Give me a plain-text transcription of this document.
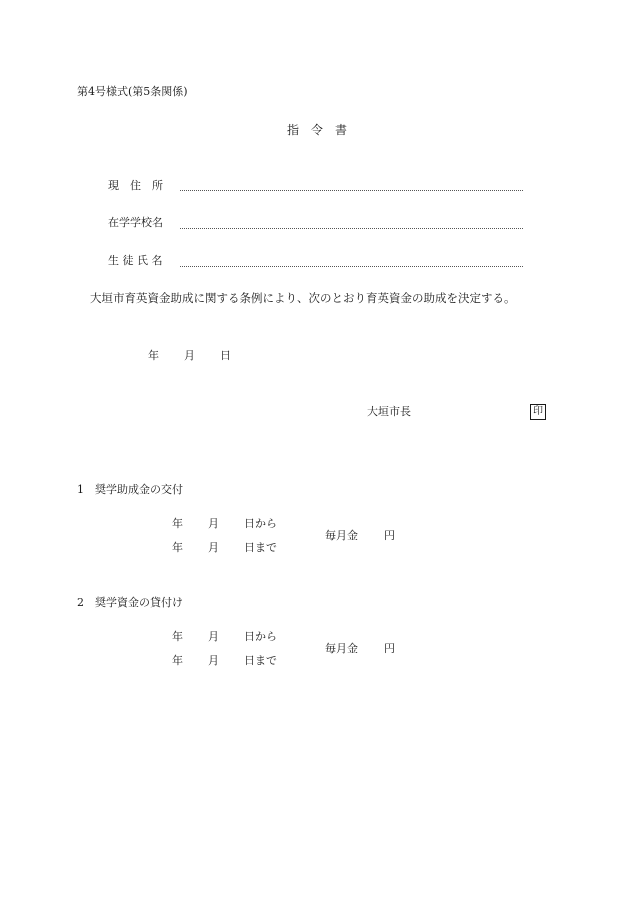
第4号様式(第5条関係)
指　令　書
現　住　所
在学学校名
生 徒 氏 名
大垣市育英資金助成に関する条例により、次のとおり育英資金の助成を決定する。
年 月 日
大垣市長	印
1　奨学助成金の交付
年 月 日から
年 月 日まで
毎月金 円
2　奨学資金の貸付け
年 月 日から
年 月 日まで
毎月金 円
